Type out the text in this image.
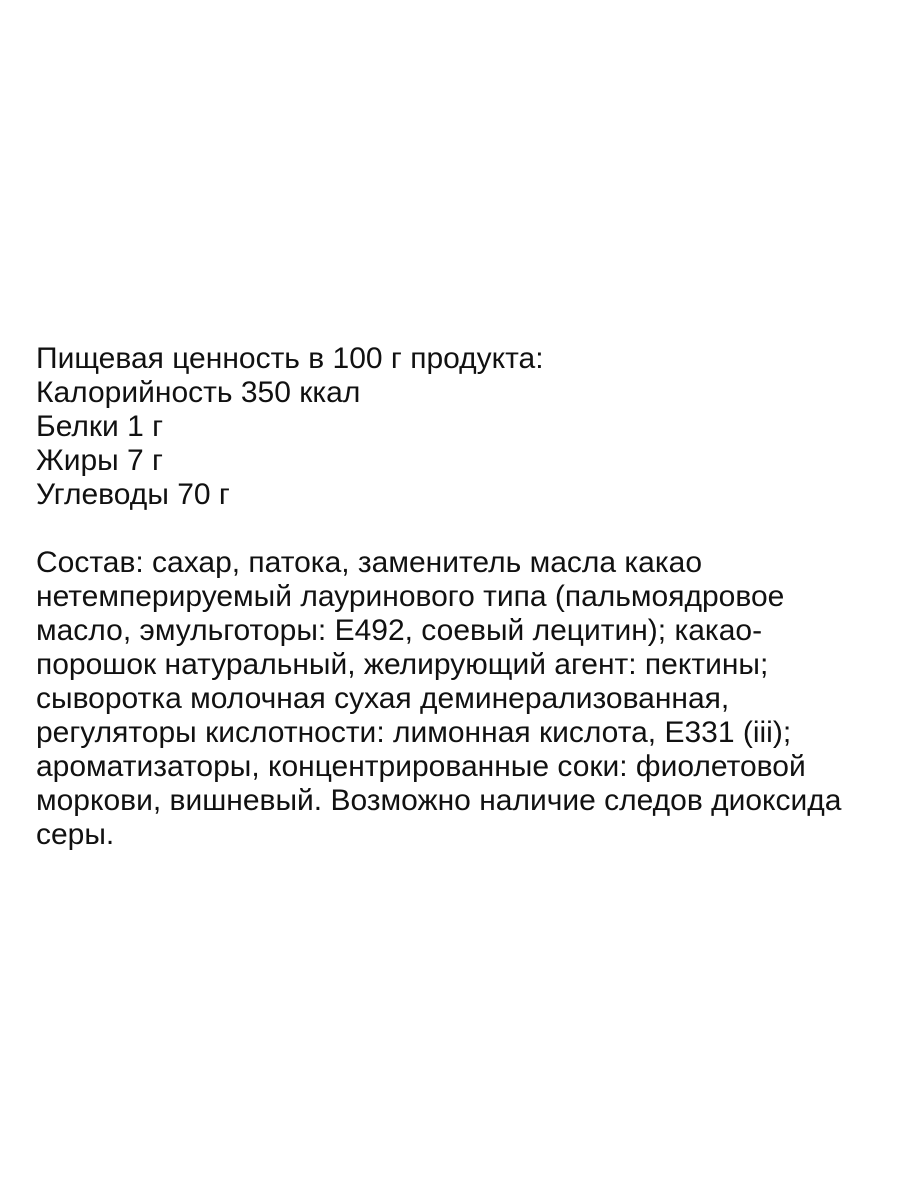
Пищевая ценность в 100 г продукта:
Калорийность 350 ккал
Белки 1 г
Жиры 7 г
Углеводы 70 г
Состав: сахар, патока, заменитель масла какао
нетемперируемый лауринового типа (пальмоядровое
масло, эмульготоры: Е492, соевый лецитин); какао-
порошок натуральный, желирующий агент: пектины;
сыворотка молочная сухая деминерализованная,
регуляторы кислотности: лимонная кислота, Е331 (iii);
ароматизаторы, концентрированные соки: фиолетовой
моркови, вишневый. Возможно наличие следов диоксида
серы.
